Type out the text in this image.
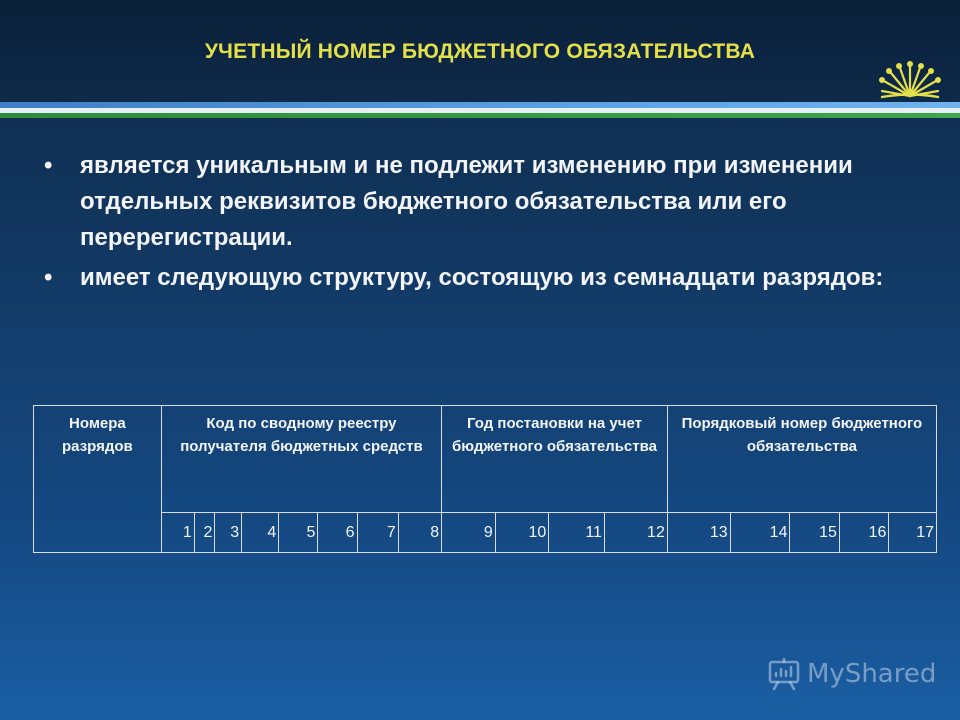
УЧЕТНЫЙ НОМЕР БЮДЖЕТНОГО ОБЯЗАТЕЛЬСТВА
• является уникальным и не подлежит изменению при изменении отдельных реквизитов бюджетного обязательства или его перерегистрации.
• имеет следующую структуру, состоящую из семнадцати разрядов:
Номера разрядов	Код по сводному реестру получателя бюджетных средств								Год постановки на учет бюджетного обязательства				Порядковый номер бюджетного обязательства				
	1	2	3	4	5	6	7	8	9	10	11	12	13	14	15	16	17
MyShared
